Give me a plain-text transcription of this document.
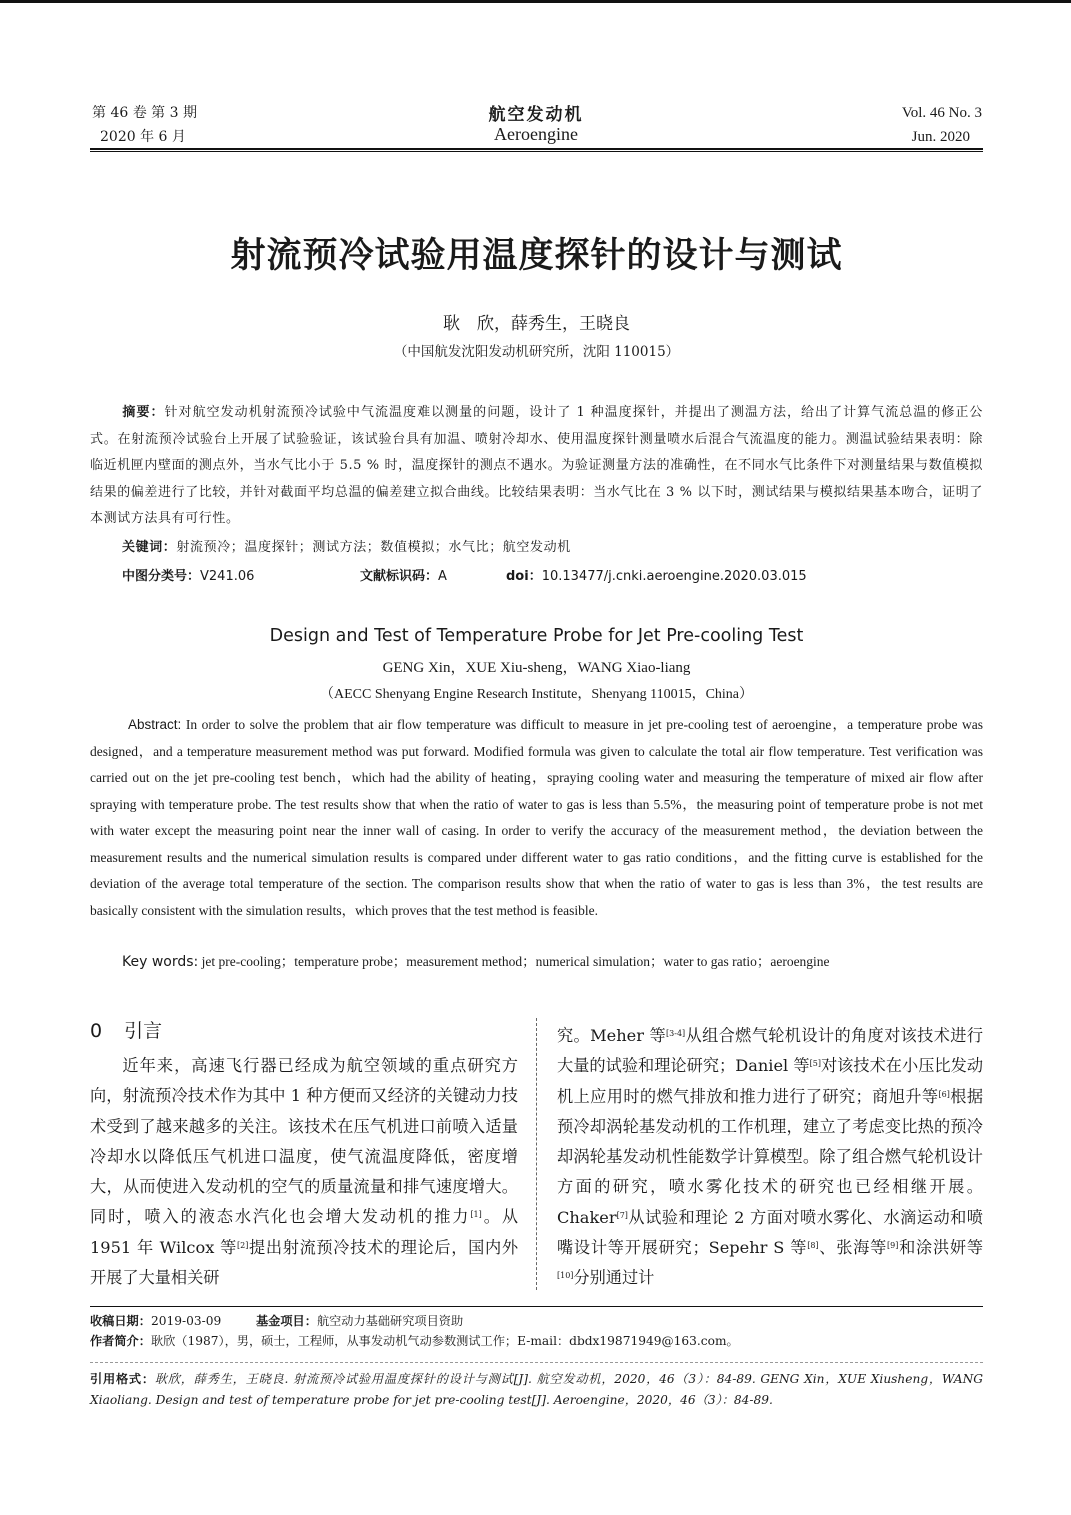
第 46 卷 第 3 期
2020 年 6 月
航空发动机
Aeroengine
Vol. 46 No. 3
Jun. 2020
射流预冷试验用温度探针的设计与测试
耿　欣，薛秀生，王晓良
（中国航发沈阳发动机研究所，沈阳 110015）
摘要：针对航空发动机射流预冷试验中气流温度难以测量的问题，设计了 1 种温度探针，并提出了测温方法，给出了计算气流总温的修正公式。在射流预冷试验台上开展了试验验证，该试验台具有加温、喷射冷却水、使用温度探针测量喷水后混合气流温度的能力。测温试验结果表明：除临近机匣内壁面的测点外，当水气比小于 5.5 % 时，温度探针的测点不遇水。为验证测量方法的准确性，在不同水气比条件下对测量结果与数值模拟结果的偏差进行了比较，并针对截面平均总温的偏差建立拟合曲线。比较结果表明：当水气比在 3 % 以下时，测试结果与模拟结果基本吻合，证明了本测试方法具有可行性。
关键词：射流预冷；温度探针；测试方法；数值模拟；水气比；航空发动机
中图分类号：V241.06	文献标识码：A	doi：10.13477/j.cnki.aeroengine.2020.03.015
Design and Test of Temperature Probe for Jet Pre-cooling Test
GENG Xin，XUE Xiu-sheng，WANG Xiao-liang
（AECC Shenyang Engine Research Institute，Shenyang 110015，China）
Abstract: In order to solve the problem that air flow temperature was difficult to measure in jet pre-cooling test of aeroengine，a temperature probe was designed，and a temperature measurement method was put forward. Modified formula was given to calculate the total air flow temperature. Test verification was carried out on the jet pre-cooling test bench，which had the ability of heating，spraying cooling water and measuring the temperature of mixed air flow after spraying with temperature probe. The test results show that when the ratio of water to gas is less than 5.5%，the measuring point of temperature probe is not met with water except the measuring point near the inner wall of casing. In order to verify the accuracy of the measurement method，the deviation between the measurement results and the numerical simulation results is compared under different water to gas ratio conditions，and the fitting curve is established for the deviation of the average total temperature of the section. The comparison results show that when the ratio of water to gas is less than 3%，the test results are basically consistent with the simulation results，which proves that the test method is feasible.
Key words: jet pre-cooling；temperature probe；measurement method；numerical simulation；water to gas ratio；aeroengine
0 引言

近年来，高速飞行器已经成为航空领域的重点研究方向，射流预冷技术作为其中 1 种方便而又经济的关键动力技术受到了越来越多的关注。该技术在压气机进口前喷入适量冷却水以降低压气机进口温度，使气流温度降低，密度增大，从而使进入发动机的空气的质量流量和排气速度增大。同时，喷入的液态水汽化也会增大发动机的推力[1]。从 1951 年 Wilcox 等[2]提出射流预冷技术的理论后，国内外开展了大量相关研

究。Meher 等[3-4]从组合燃气轮机设计的角度对该技术进行大量的试验和理论研究；Daniel 等[5]对该技术在小压比发动机上应用时的燃气排放和推力进行了研究；商旭升等[6]根据预冷却涡轮基发动机的工作机理，建立了考虑变比热的预冷却涡轮基发动机性能数学计算模型。除了组合燃气轮机设计方面的研究，喷水雾化技术的研究也已经相继开展。Chaker[7]从试验和理论 2 方面对喷水雾化、水滴运动和喷嘴设计等开展研究；Sepehr S 等[8]、张海等[9]和涂洪妍等[10]分别通过计

收稿日期：2019-03-09	基金项目：航空动力基础研究项目资助
作者简介：耿欣（1987），男，硕士，工程师，从事发动机气动参数测试工作；E-mail：dbdx19871949@163.com。
引用格式：耿欣，薛秀生，王晓良. 射流预冷试验用温度探针的设计与测试[J]. 航空发动机，2020，46（3）：84-89. GENG Xin，XUE Xiusheng，WANG Xiaoliang. Design and test of temperature probe for jet pre-cooling test[J]. Aeroengine，2020，46（3）：84-89.
